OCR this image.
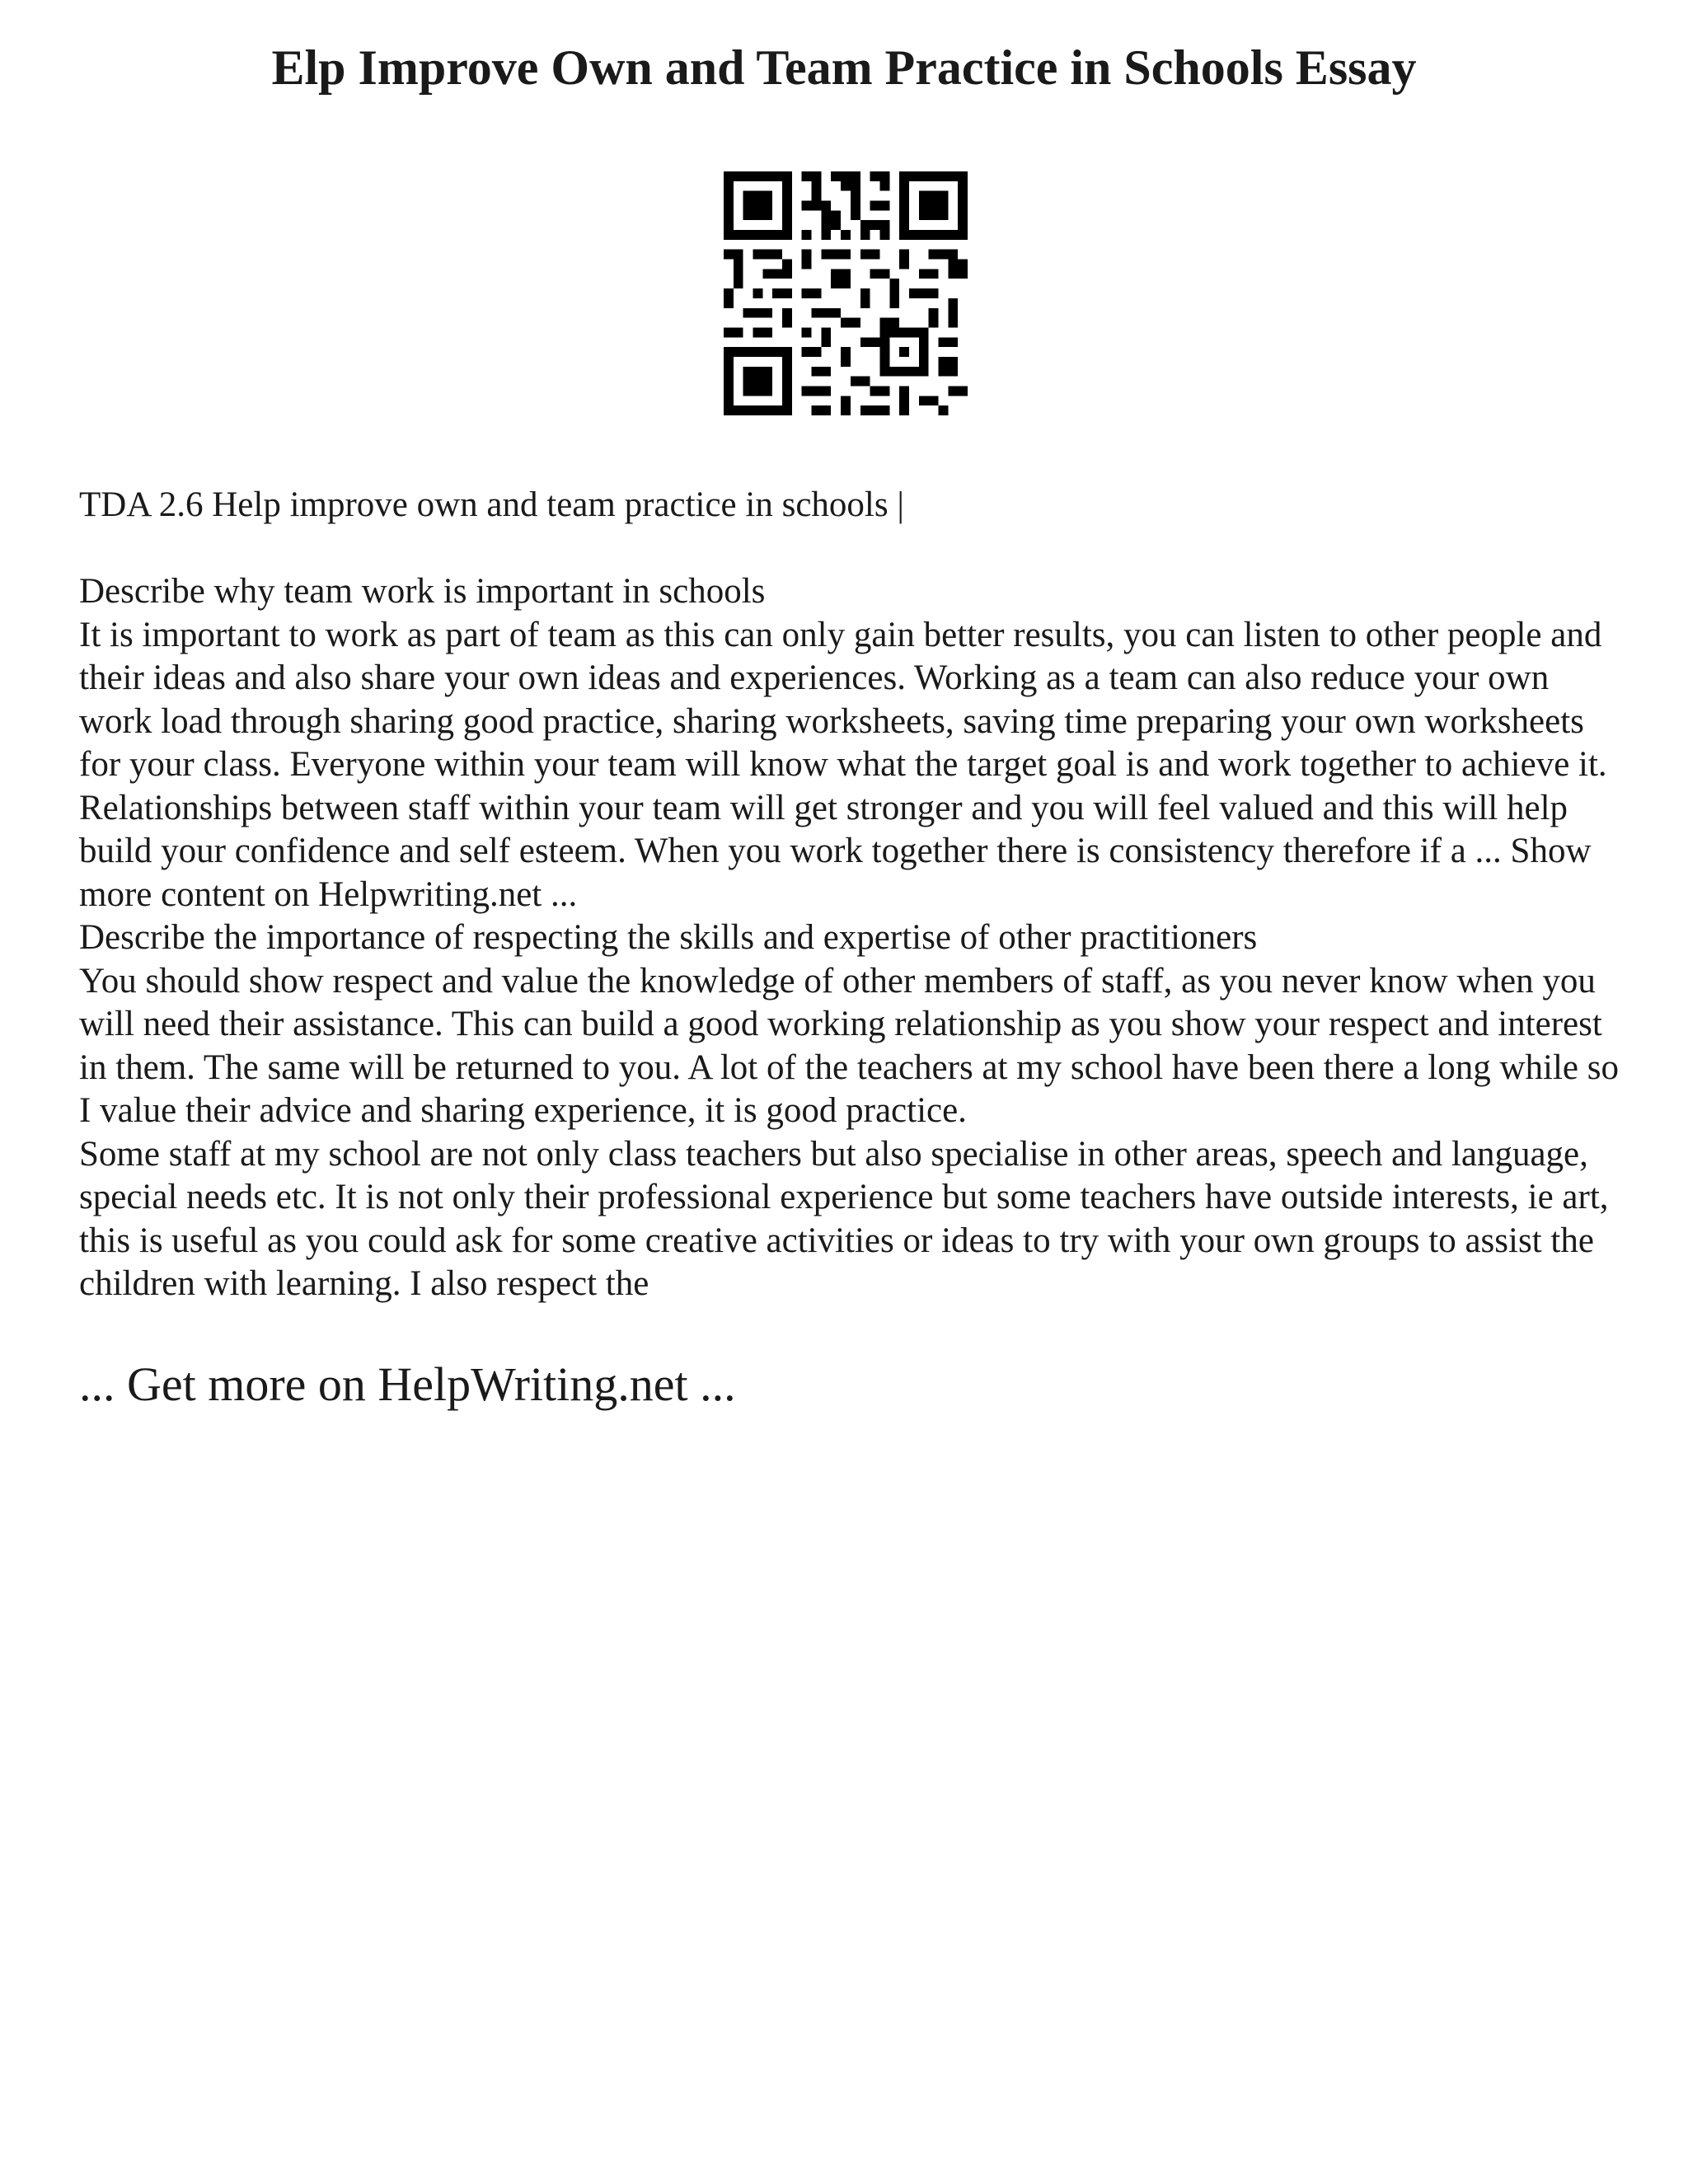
Elp Improve Own and Team Practice in Schools Essay

TDA 2.6 Help improve own and team practice in schools |

Describe why team work is important in schools

It is important to work as part of team as this can only gain better results, you can listen to other people and their ideas and also share your own ideas and experiences. Working as a team can also reduce your own work load through sharing good practice, sharing worksheets, saving time preparing your own worksheets for your class. Everyone within your team will know what the target goal is and work together to achieve it. Relationships between staff within your team will get stronger and you will feel valued and this will help build your confidence and self esteem. When you work together there is consistency therefore if a ... Show more content on Helpwriting.net ...

Describe the importance of respecting the skills and expertise of other practitioners

You should show respect and value the knowledge of other members of staff, as you never know when you will need their assistance. This can build a good working relationship as you show your respect and interest in them. The same will be returned to you. A lot of the teachers at my school have been there a long while so I value their advice and sharing experience, it is good practice.

Some staff at my school are not only class teachers but also specialise in other areas, speech and language, special needs etc. It is not only their professional experience but some teachers have outside interests, ie art, this is useful as you could ask for some creative activities or ideas to try with your own groups to assist the children with learning. I also respect the

... Get more on HelpWriting.net ...
